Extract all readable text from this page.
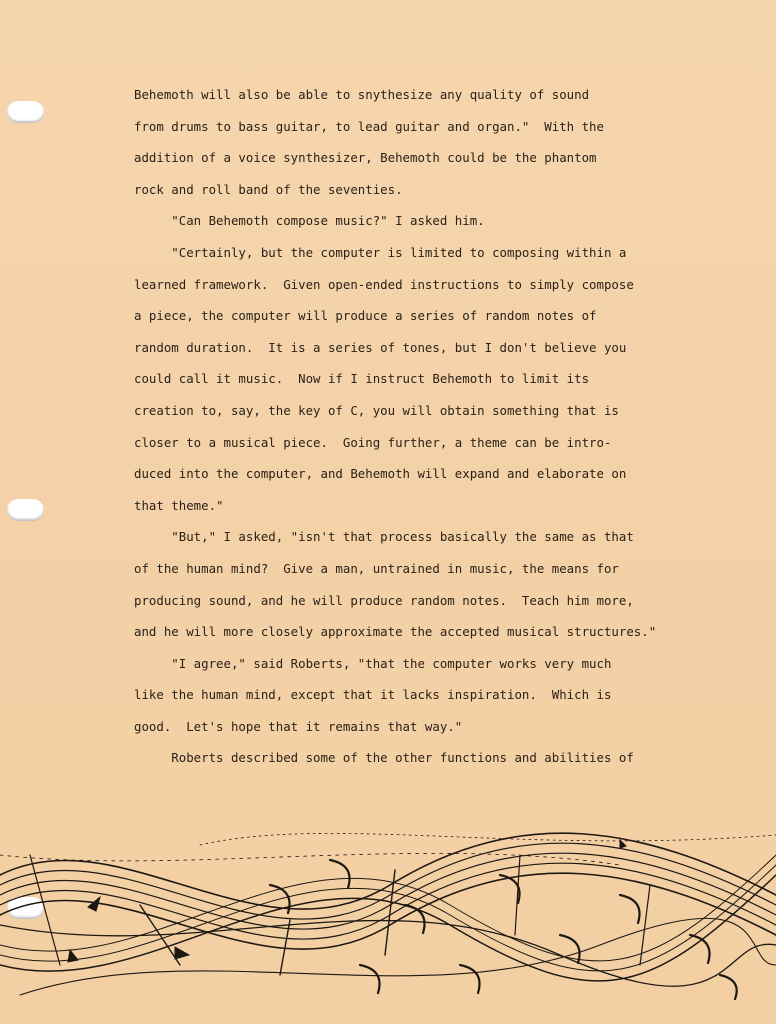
Behemoth will also be able to snythesize any quality of sound

from drums to bass guitar, to lead guitar and organ."  With the

addition of a voice synthesizer, Behemoth could be the phantom

rock and roll band of the seventies.

"Can Behemoth compose music?" I asked him.

"Certainly, but the computer is limited to composing within a

learned framework.  Given open-ended instructions to simply compose

a piece, the computer will produce a series of random notes of

random duration.  It is a series of tones, but I don't believe you

could call it music.  Now if I instruct Behemoth to limit its

creation to, say, the key of C, you will obtain something that is

closer to a musical piece.  Going further, a theme can be intro-

duced into the computer, and Behemoth will expand and elaborate on

that theme."

"But," I asked, "isn't that process basically the same as that

of the human mind?  Give a man, untrained in music, the means for

producing sound, and he will produce random notes.  Teach him more,

and he will more closely approximate the accepted musical structures."

"I agree," said Roberts, "that the computer works very much

like the human mind, except that it lacks inspiration.  Which is

good.  Let's hope that it remains that way."

Roberts described some of the other functions and abilities of
